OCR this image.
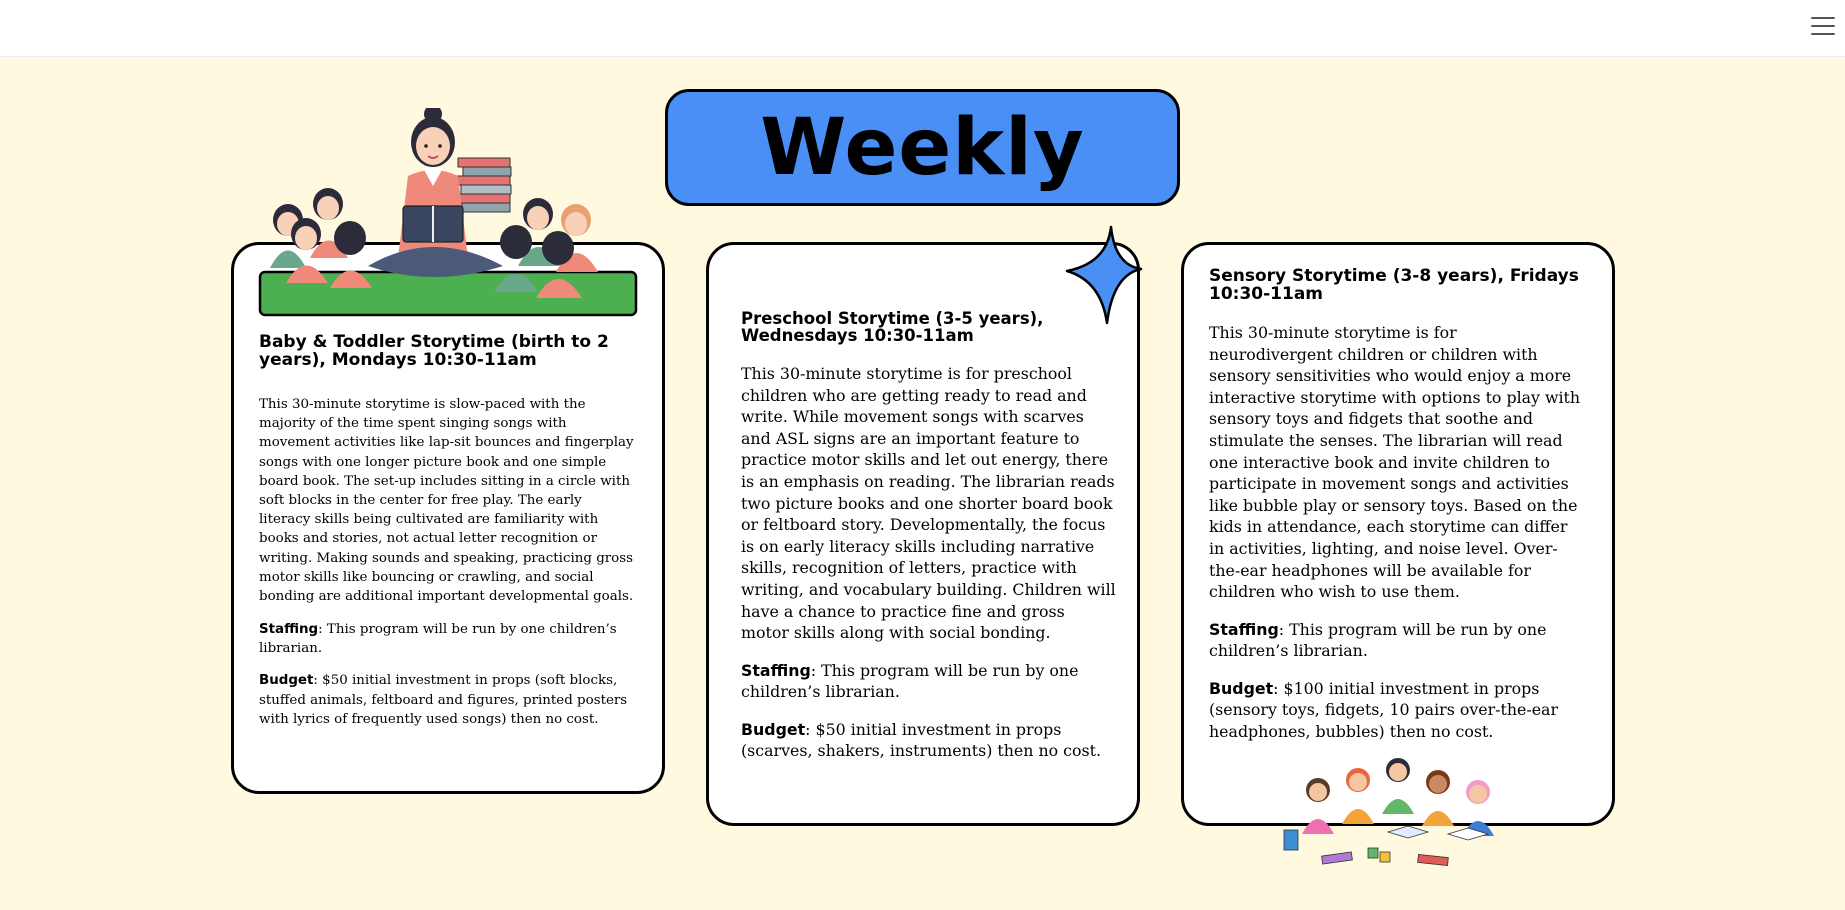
Weekly
Baby & Toddler Storytime (birth to 2 years), Mondays 10:30-11am

This 30-minute storytime is slow-paced with the majority of the time spent singing songs with movement activities like lap-sit bounces and fingerplay songs with one longer picture book and one simple board book. The set-up includes sitting in a circle with soft blocks in the center for free play. The early literacy skills being cultivated are familiarity with books and stories, not actual letter recognition or writing. Making sounds and speaking, practicing gross motor skills like bouncing or crawling, and social bonding are additional important developmental goals.

Staffing: This program will be run by one children’s librarian.

Budget: $50 initial investment in props (soft blocks, stuffed animals, feltboard and figures, printed posters with lyrics of frequently used songs) then no cost.

Preschool Storytime (3-5 years), Wednesdays 10:30-11am

This 30-minute storytime is for preschool children who are getting ready to read and write. While movement songs with scarves and ASL signs are an important feature to practice motor skills and let out energy, there is an emphasis on reading. The librarian reads two picture books and one shorter board book or feltboard story. Developmentally, the focus is on early literacy skills including narrative skills, recognition of letters, practice with writing, and vocabulary building. Children will have a chance to practice fine and gross motor skills along with social bonding.

Staffing: This program will be run by one children’s librarian.

Budget: $50 initial investment in props (scarves, shakers, instruments) then no cost.

Sensory Storytime (3-8 years), Fridays 10:30-11am

This 30-minute storytime is for neurodivergent children or children with sensory sensitivities who would enjoy a more interactive storytime with options to play with sensory toys and fidgets that soothe and stimulate the senses. The librarian will read one interactive book and invite children to participate in movement songs and activities like bubble play or sensory toys. Based on the kids in attendance, each storytime can differ in activities, lighting, and noise level. Over-the-ear headphones will be available for children who wish to use them.

Staffing: This program will be run by one children’s librarian.

Budget: $100 initial investment in props (sensory toys, fidgets, 10 pairs over-the-ear headphones, bubbles) then no cost.
